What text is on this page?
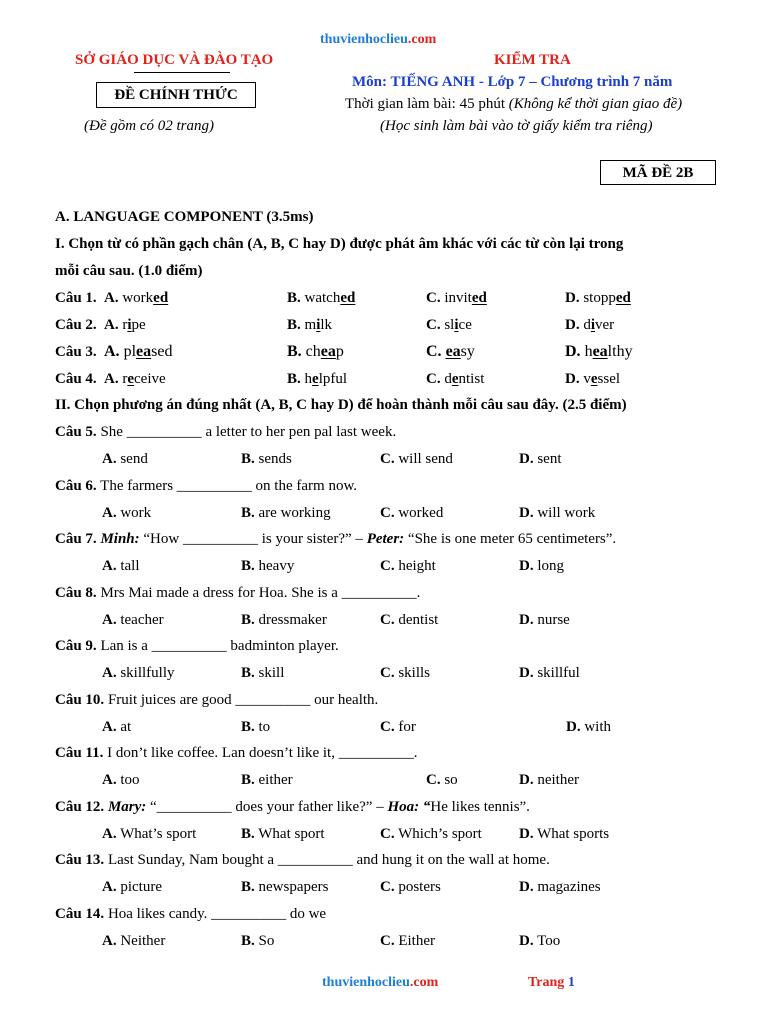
thuvienhoclieu.com
SỞ GIÁO DỤC VÀ ĐÀO TẠO
ĐỀ CHÍNH THỨC
(Đề gồm có 02 trang)
KIỂM TRA
Môn: TIẾNG ANH - Lớp 7 – Chương trình 7 năm
Thời gian làm bài: 45 phút (Không kể thời gian giao đề)
(Học sinh làm bài vào tờ giấy kiểm tra riêng)
MÃ ĐỀ 2B
A. LANGUAGE COMPONENT (3.5ms)
I. Chọn từ có phần gạch chân (A, B, C hay D) được phát âm khác với các từ còn lại trong
mỗi câu sau. (1.0 điểm)
Câu 1. A. worked	B. watched	C. invited	D. stopped
Câu 2. A. ripe	B. milk	C. slice	D. diver
Câu 3. A. pleased	B. cheap	C. easy	D. healthy
Câu 4. A. receive	B. helpful	C. dentist	D. vessel
II. Chọn phương án đúng nhất (A, B, C hay D) để hoàn thành mỗi câu sau đây. (2.5 điểm)
Câu 5. She __________ a letter to her pen pal last week.
A. send	B. sends	C. will send	D. sent
Câu 6. The farmers __________ on the farm now.
A. work	B. are working	C. worked	D. will work
Câu 7. Minh: “How __________ is your sister?” – Peter: “She is one meter 65 centimeters”.
A. tall	B. heavy	C. height	D. long
Câu 8. Mrs Mai made a dress for Hoa. She is a __________.
A. teacher	B. dressmaker	C. dentist	D. nurse
Câu 9. Lan is a __________ badminton player.
A. skillfully	B. skill	C. skills	D. skillful
Câu 10. Fruit juices are good __________ our health.
A. at	B. to	C. for	D. with
Câu 11. I don’t like coffee. Lan doesn’t like it, __________.
A. too	B. either	C. so	D. neither
Câu 12. Mary: “__________ does your father like?” – Hoa: “He likes tennis”.
A. What’s sport	B. What sport	C. Which’s sport D. What sports
Câu 13. Last Sunday, Nam bought a __________ and hung it on the wall at home.
A. picture	B. newspapers	C. posters	D. magazines
Câu 14. Hoa likes candy. __________ do we
A. Neither	B. So	C. Either	D. Too
thuvienhoclieu.com	Trang 1
